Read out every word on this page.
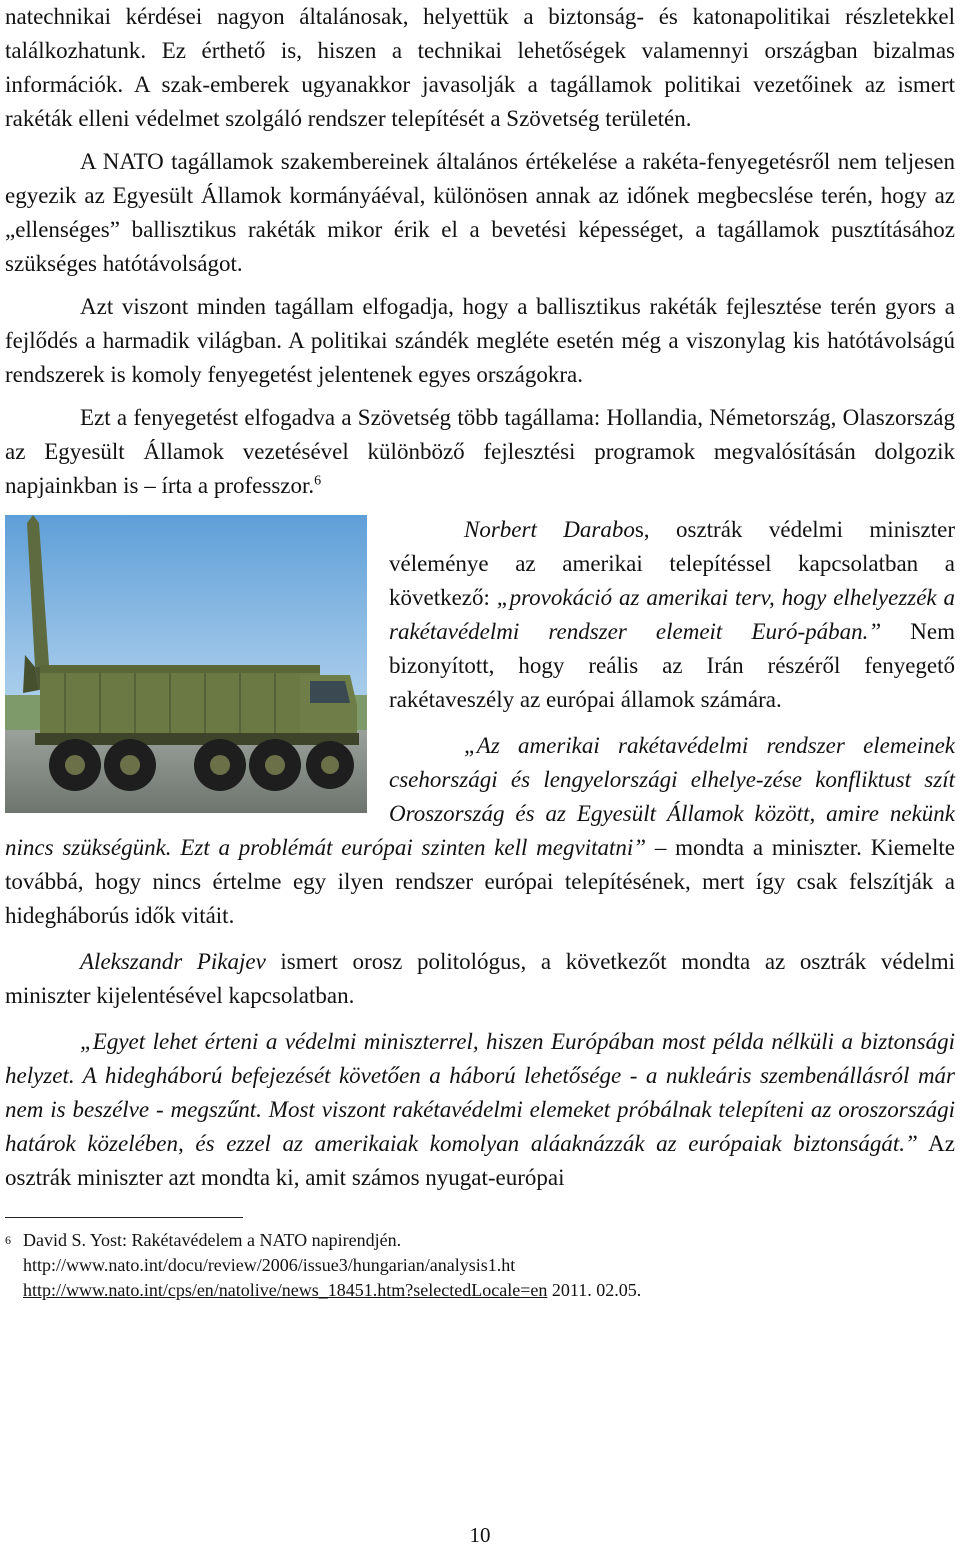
natechnikai kérdései nagyon általánosak, helyettük a biztonság- és katonapolitikai részletekkel találkozhatunk. Ez érthető is, hiszen a technikai lehetőségek valamennyi országban bizalmas információk. A szak-emberek ugyanakkor javasolják a tagállamok politikai vezetőinek az ismert rakéták elleni védelmet szolgáló rendszer telepítését a Szövetség területén.

A NATO tagállamok szakembereinek általános értékelése a rakéta-fenyegetésről nem teljesen egyezik az Egyesült Államok kormányáéval, különösen annak az időnek megbecslése terén, hogy az „ellenséges” ballisztikus rakéták mikor érik el a bevetési képességet, a tagállamok pusztításához szükséges hatótávolságot.

Azt viszont minden tagállam elfogadja, hogy a ballisztikus rakéták fejlesztése terén gyors a fejlődés a harmadik világban. A politikai szándék megléte esetén még a viszonylag kis hatótávolságú rendszerek is komoly fenyegetést jelentenek egyes országokra.

Ezt a fenyegetést elfogadva a Szövetség több tagállama: Hollandia, Németország, Olaszország az Egyesült Államok vezetésével különböző fejlesztési programok megvalósításán dolgozik napjainkban is – írta a professzor.$^6$

Norbert Darabos, osztrák védelmi miniszter véleménye az amerikai telepítéssel kapcsolatban a következő: „provokáció az amerikai terv, hogy elhelyezzék a rakétavédelmi rendszer elemeit Euró-pában.” Nem bizonyított, hogy reális az Irán részéről fenyegető rakétaveszély az európai államok számára.

„Az amerikai rakétavédelmi rendszer elemeinek csehországi és lengyelországi elhelye-zése konfliktust szít Oroszország és az Egyesült Államok között, amire nekünk nincs szükségünk. Ezt a problémát európai szinten kell megvitatni” – mondta a miniszter. Kiemelte továbbá, hogy nincs értelme egy ilyen rendszer európai telepítésének, mert így csak felszítják a hidegháborús idők vitáit.

Alekszandr Pikajev ismert orosz politológus, a következőt mondta az osztrák védelmi miniszter kijelentésével kapcsolatban.

„Egyet lehet érteni a védelmi miniszterrel, hiszen Európában most példa nélküli a biztonsági helyzet. A hidegháború befejezését követően a háború lehetősége - a nukleáris szembenállásról már nem is beszélve - megszűnt. Most viszont rakétavédelmi elemeket próbálnak telepíteni az oroszországi határok közelében, és ezzel az amerikaiak komolyan aláaknázzák az európaiak biztonságát.” Az osztrák miniszter azt mondta ki, amit számos nyugat-európai

$^6$ David S. Yost: Rakétavédelem a NATO napirendjén.
http://www.nato.int/docu/review/2006/issue3/hungarian/analysis1.ht
http://www.nato.int/cps/en/natolive/news_18451.htm?selectedLocale=en 2011. 02.05.
10
